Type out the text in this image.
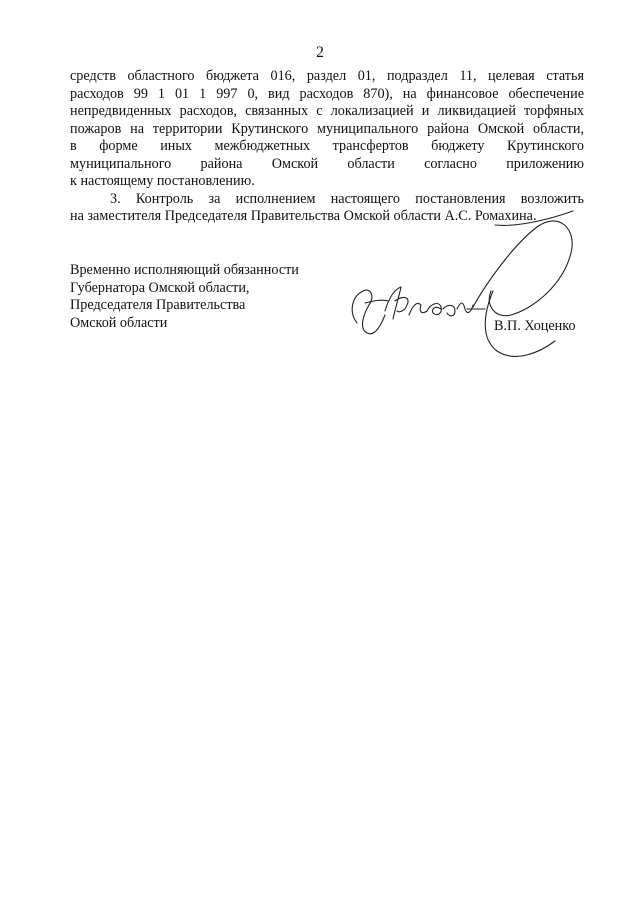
2
средств областного бюджета 016, раздел 01, подраздел 11, целевая статья
расходов 99 1 01 1 997 0, вид расходов 870), на финансовое обеспечение
непредвиденных расходов, связанных с локализацией и ликвидацией торфяных
пожаров на территории Крутинского муниципального района Омской области,
в форме иных межбюджетных трансфертов бюджету Крутинского
муниципального района Омской области согласно приложению
к настоящему постановлению.
3. Контроль за исполнением настоящего постановления возложить
на заместителя Председателя Правительства Омской области А.С. Ромахина.
Временно исполняющий обязанности
Губернатора Омской области,
Председателя Правительства
Омской области	В.П. Хоценко
